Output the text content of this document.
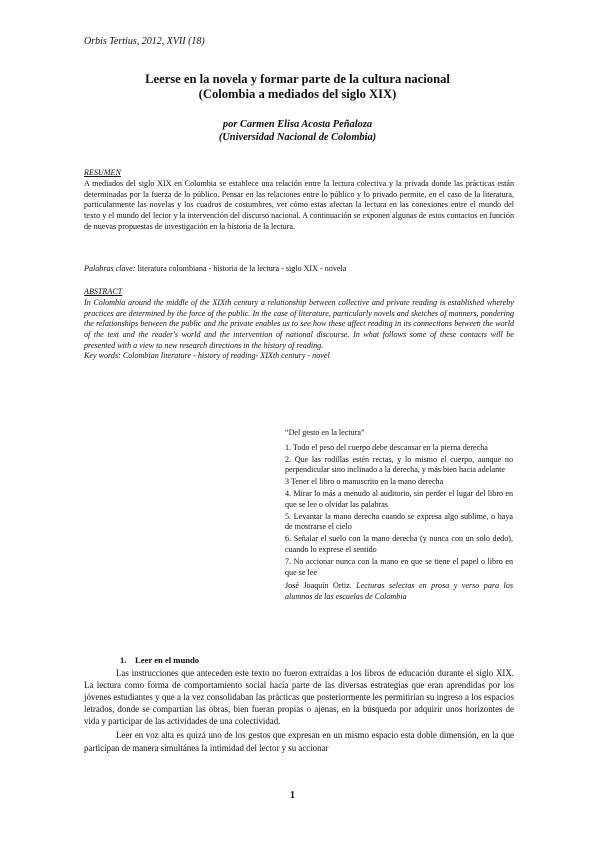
Orbis Tertius, 2012, XVII (18)
Leerse en la novela y formar parte de la cultura nacional
(Colombia a mediados del siglo XIX)
por Carmen Elisa Acosta Peñaloza
(Universidad Nacional de Colombia)
RESUMEN
A mediados del siglo XIX en Colombia se establece una relación entre la lectura colectiva y la privada donde las prácticas están determinadas por la fuerza de lo público. Pensar en las relaciones entre lo público y lo privado permite, en el caso de la literatura, particularmente las novelas y los cuadros de costumbres, ver cómo estas afectan la lectura en las conexiones entre el mundo del texto y el mundo del lector y la intervención del discurso nacional. A continuación se exponen algunas de estos contactos en función de nuevas propuestas de investigación en la historia de la lectura.
Palabras clave: literatura colombiana - historia de la lectura - siglo XIX - novela
ABSTRACT
In Colombia around the middle of the XIXth century a relationship between collective and private reading is established whereby practices are determined by the force of the public. In the case of literature, particularly novels and sketches of manners, pondering the relationships between the public and the private enables us to see how these affect reading in its connections between the world of the text and the reader's world and the intervention of national discourse. In what follows some of these contacts will be presented with a view to new research directions in the history of reading.
Key words: Colombian literature - history of reading- XIXth century - novel

“Del gesto en la lectura”

1. Todo el peso del cuerpo debe descansar en la pierna derecha

2. Que las rodillas estén rectas, y lo mismo el cuerpo, aunque no perpendicular sino inclinado a la derecha, y más bien hacia adelante

3 Tener el libro o manuscrito en la mano derecha

4. Mirar lo más a menudo al auditorio, sin perder el lugar del libro en que se lee o olvidar las palabras

5. Levantar la mano derecha cuando se expresa algo sublime, o haya de mostrarse el cielo

6. Señalar el suelo con la mano derecha (y nunca con un solo dedo), cuando lo exprese el sentido

7. No accionar nunca con la mano en que se tiene el papel o libro en que se lee

José Joaquín Ortiz. Lecturas selectas en prosa y verso para los alumnos de las escuelas de Colombia

1.    Leer en el mundo

Las instrucciones que anteceden este texto no fueron extraídas a los libros de educación durante el siglo XIX. La lectura como forma de comportamiento social hacía parte de las diversas estrategias que eran aprendidas por los jóvenes estudiantes y que a la vez consolidaban las prácticas que posteriormente les permitirían su ingreso a los espacios letrados, donde se compartían las obras, bien fueran propias o ajenas, en la búsqueda por adquirir unos horizontes de vida y participar de las actividades de una colectividad.

Leer en voz alta es quizá uno de los gestos que expresan en un mismo espacio esta doble dimensión, en la que participan de manera simultánea la intimidad del lector y su accionar

1
